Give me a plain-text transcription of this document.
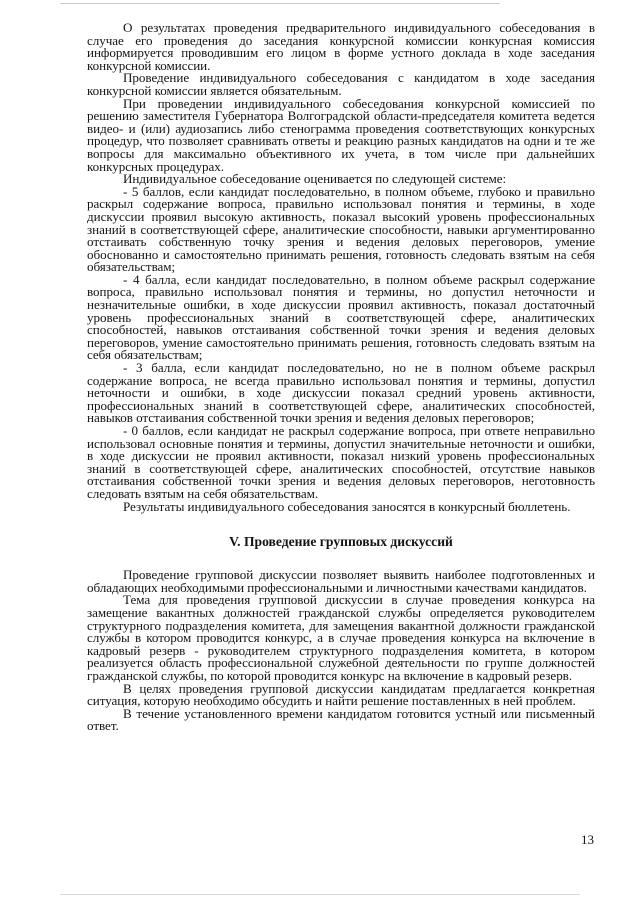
О результатах проведения предварительного индивидуального собеседования в случае его проведения до заседания конкурсной комиссии конкурсная комиссия информируется проводившим его лицом в форме устного доклада в ходе заседания конкурсной комиссии.

Проведение индивидуального собеседования с кандидатом в ходе заседания конкурсной комиссии является обязательным.

При проведении индивидуального собеседования конкурсной комиссией по решению заместителя Губернатора Волгоградской области-председателя комитета ведется видео- и (или) аудиозапись либо стенограмма проведения соответствующих конкурсных процедур, что позволяет сравнивать ответы и реакцию разных кандидатов на одни и те же вопросы для максимально объективного их учета, в том числе при дальнейших конкурсных процедурах.

Индивидуальное собеседование оценивается по следующей системе:

- 5 баллов, если кандидат последовательно, в полном объеме, глубоко и правильно раскрыл содержание вопроса, правильно использовал понятия и термины, в ходе дискуссии проявил высокую активность, показал высокий уровень профессиональных знаний в соответствующей сфере, аналитические способности, навыки аргументированно отстаивать собственную точку зрения и ведения деловых переговоров, умение обоснованно и самостоятельно принимать решения, готовность следовать взятым на себя обязательствам;

- 4 балла, если кандидат последовательно, в полном объеме раскрыл содержание вопроса, правильно использовал понятия и термины, но допустил неточности и незначительные ошибки, в ходе дискуссии проявил активность, показал достаточный уровень профессиональных знаний в соответствующей сфере, аналитических способностей, навыков отстаивания собственной точки зрения и ведения деловых переговоров, умение самостоятельно принимать решения, готовность следовать взятым на себя обязательствам;

- 3 балла, если кандидат последовательно, но не в полном объеме раскрыл содержание вопроса, не всегда правильно использовал понятия и термины, допустил неточности и ошибки, в ходе дискуссии показал средний уровень активности, профессиональных знаний в соответствующей сфере, аналитических способностей, навыков отстаивания собственной точки зрения и ведения деловых переговоров;

- 0 баллов, если кандидат не раскрыл содержание вопроса, при ответе неправильно использовал основные понятия и термины, допустил значительные неточности и ошибки, в ходе дискуссии не проявил активности, показал низкий уровень профессиональных знаний в соответствующей сфере, аналитических способностей, отсутствие навыков отстаивания собственной точки зрения и ведения деловых переговоров, неготовность следовать взятым на себя обязательствам.

Результаты индивидуального собеседования заносятся в конкурсный бюллетень.

V. Проведение групповых дискуссий

Проведение групповой дискуссии позволяет выявить наиболее подготовленных и обладающих необходимыми профессиональными и личностными качествами кандидатов.

Тема для проведения групповой дискуссии в случае проведения конкурса на замещение вакантных должностей гражданской службы определяется руководителем структурного подразделения комитета, для замещения вакантной должности гражданской службы в котором проводится конкурс, а в случае проведения конкурса на включение в кадровый резерв - руководителем структурного подразделения комитета, в котором реализуется область профессиональной служебной деятельности по группе должностей гражданской службы, по которой проводится конкурс на включение в кадровый резерв.

В целях проведения групповой дискуссии кандидатам предлагается конкретная ситуация, которую необходимо обсудить и найти решение поставленных в ней проблем.

В течение установленного времени кандидатом готовится устный или письменный ответ.

13
